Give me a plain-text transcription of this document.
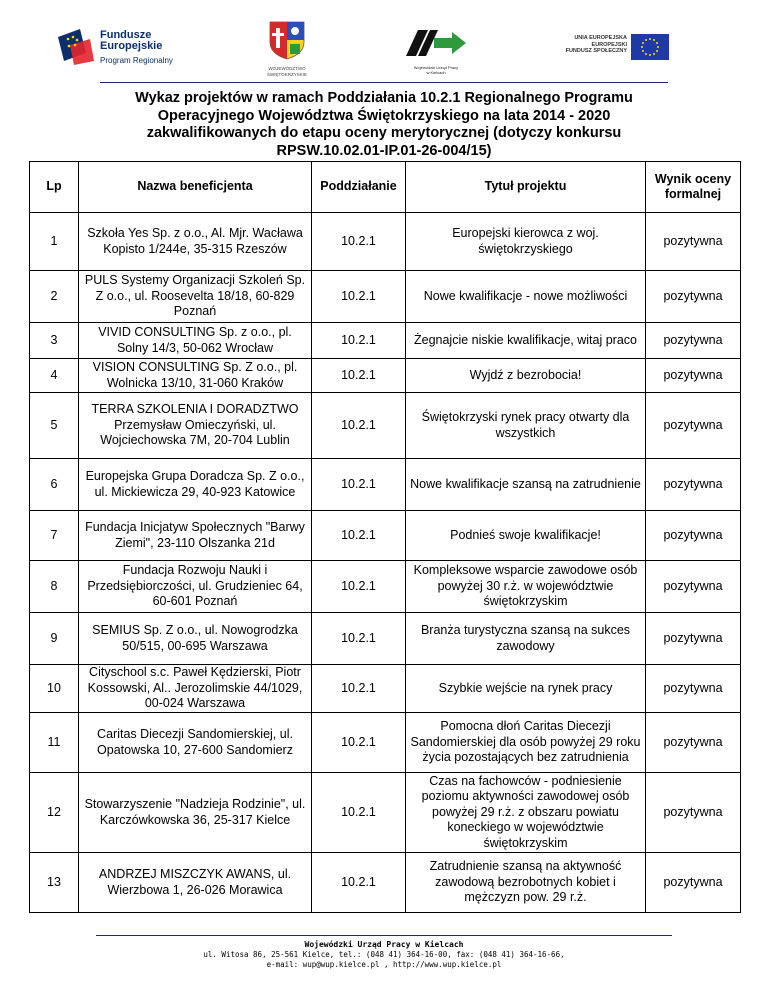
Fundusze
Europejskie
Program Regionalny
WOJEWÓDZTWO
ŚWIĘTOKRZYSKIE
Wojewódzki Urząd Pracy
w Kielcach
UNIA EUROPEJSKA
EUROPEJSKI
FUNDUSZ SPOŁECZNY
Wykaz projektów w ramach Poddziałania 10.2.1 Regionalnego Programu
Operacyjnego Województwa Świętokrzyskiego na lata 2014 - 2020
zakwalifikowanych do etapu oceny merytorycznej (dotyczy konkursu
RPSW.10.02.01-IP.01-26-004/15)
Lp	Nazwa beneficjenta	Poddziałanie	Tytuł projektu	Wynik oceny formalnej
1	Szkoła Yes Sp. z o.o., Al. Mjr. Wacława Kopisto 1/244e, 35-315 Rzeszów	10.2.1	Europejski kierowca z woj. świętokrzyskiego	pozytywna
2	PULS Systemy Organizacji Szkoleń Sp. Z o.o., ul. Roosevelta 18/18, 60-829 Poznań	10.2.1	Nowe kwalifikacje - nowe możliwości	pozytywna
3	VIVID CONSULTING Sp. z o.o., pl. Solny 14/3, 50-062 Wrocław	10.2.1	Żegnajcie niskie kwalifikacje, witaj praco	pozytywna
4	VISION CONSULTING Sp. Z o.o., pl. Wolnicka 13/10, 31-060 Kraków	10.2.1	Wyjdź z bezrobocia!	pozytywna
5	TERRA SZKOLENIA I DORADZTWO Przemysław Omieczyński, ul. Wojciechowska 7M, 20-704 Lublin	10.2.1	Świętokrzyski rynek pracy otwarty dla wszystkich	pozytywna
6	Europejska Grupa Doradcza Sp. Z o.o., ul. Mickiewicza 29, 40-923 Katowice	10.2.1	Nowe kwalifikacje szansą na zatrudnienie	pozytywna
7	Fundacja Inicjatyw Społecznych "Barwy Ziemi", 23-110 Olszanka 21d	10.2.1	Podnieś swoje kwalifikacje!	pozytywna
8	Fundacja Rozwoju Nauki i Przedsiębiorczości, ul. Grudzieniec 64, 60-601 Poznań	10.2.1	Kompleksowe wsparcie zawodowe osób powyżej 30 r.ż. w województwie świętokrzyskim	pozytywna
9	SEMIUS Sp. Z o.o., ul. Nowogrodzka 50/515, 00-695 Warszawa	10.2.1	Branża turystyczna szansą na sukces zawodowy	pozytywna
10	Cityschool s.c. Paweł Kędzierski, Piotr Kossowski, Al.. Jerozolimskie 44/1029, 00-024 Warszawa	10.2.1	Szybkie wejście na rynek pracy	pozytywna
11	Caritas Diecezji Sandomierskiej, ul. Opatowska 10, 27-600 Sandomierz	10.2.1	Pomocna dłoń Caritas Diecezji Sandomierskiej dla osób powyżej 29 roku życia pozostających bez zatrudnienia	pozytywna
12	Stowarzyszenie "Nadzieja Rodzinie", ul. Karczówkowska 36, 25-317 Kielce	10.2.1	Czas na fachowców - podniesienie poziomu aktywności zawodowej osób powyżej 29 r.ż. z obszaru powiatu koneckiego w województwie świętokrzyskim	pozytywna
13	ANDRZEJ MISZCZYK AWANS, ul. Wierzbowa 1, 26-026 Morawica	10.2.1	Zatrudnienie szansą na aktywność zawodową bezrobotnych kobiet i mężczyzn pow. 29 r.ż.	pozytywna
Wojewódzki Urząd Pracy w Kielcach
ul. Witosa 86, 25-561 Kielce, tel.: (048 41) 364-16-00, fax: (048 41) 364-16-66,
e-mail: wup@wup.kielce.pl , http://www.wup.kielce.pl
